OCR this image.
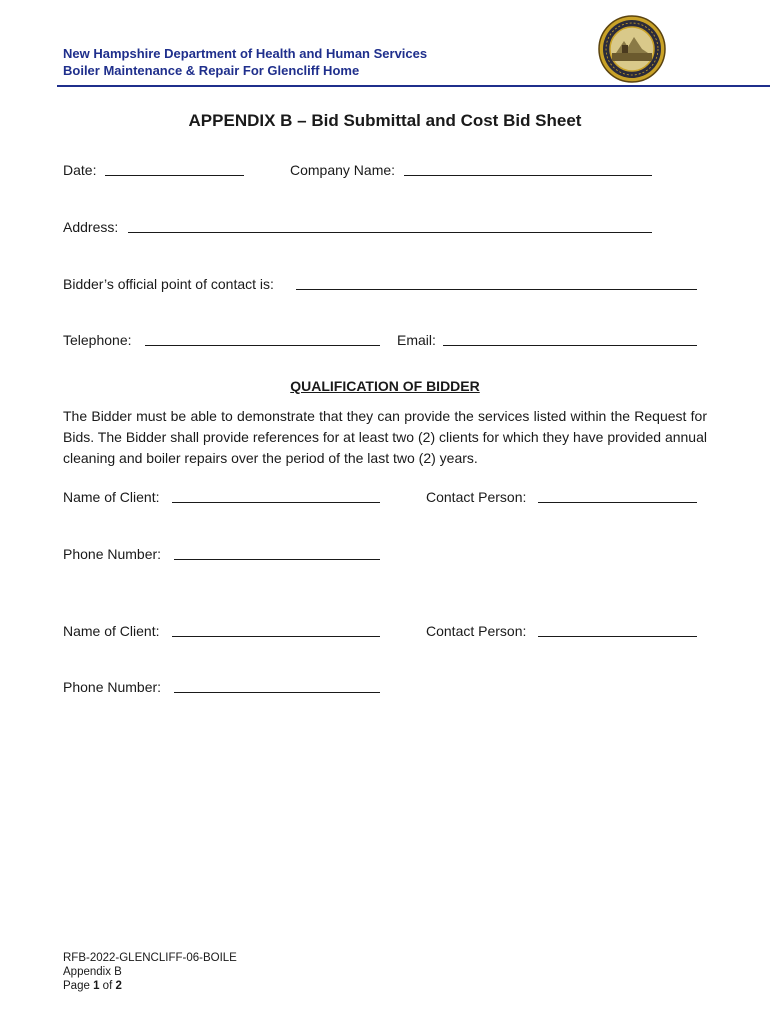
New Hampshire Department of Health and Human Services
Boiler Maintenance & Repair For Glencliff Home
APPENDIX B – Bid Submittal and Cost Bid Sheet
Date:	Company Name:
Address:
Bidder’s official point of contact is:
Telephone:	Email:
QUALIFICATION OF BIDDER
The Bidder must be able to demonstrate that they can provide the services listed within the Request for Bids. The Bidder shall provide references for at least two (2) clients for which they have provided annual cleaning and boiler repairs over the period of the last two (2) years.
Name of Client:	Contact Person:
Phone Number:
Name of Client:	Contact Person:
Phone Number:
RFB-2022-GLENCLIFF-06-BOILE
Appendix B
Page 1 of 2
